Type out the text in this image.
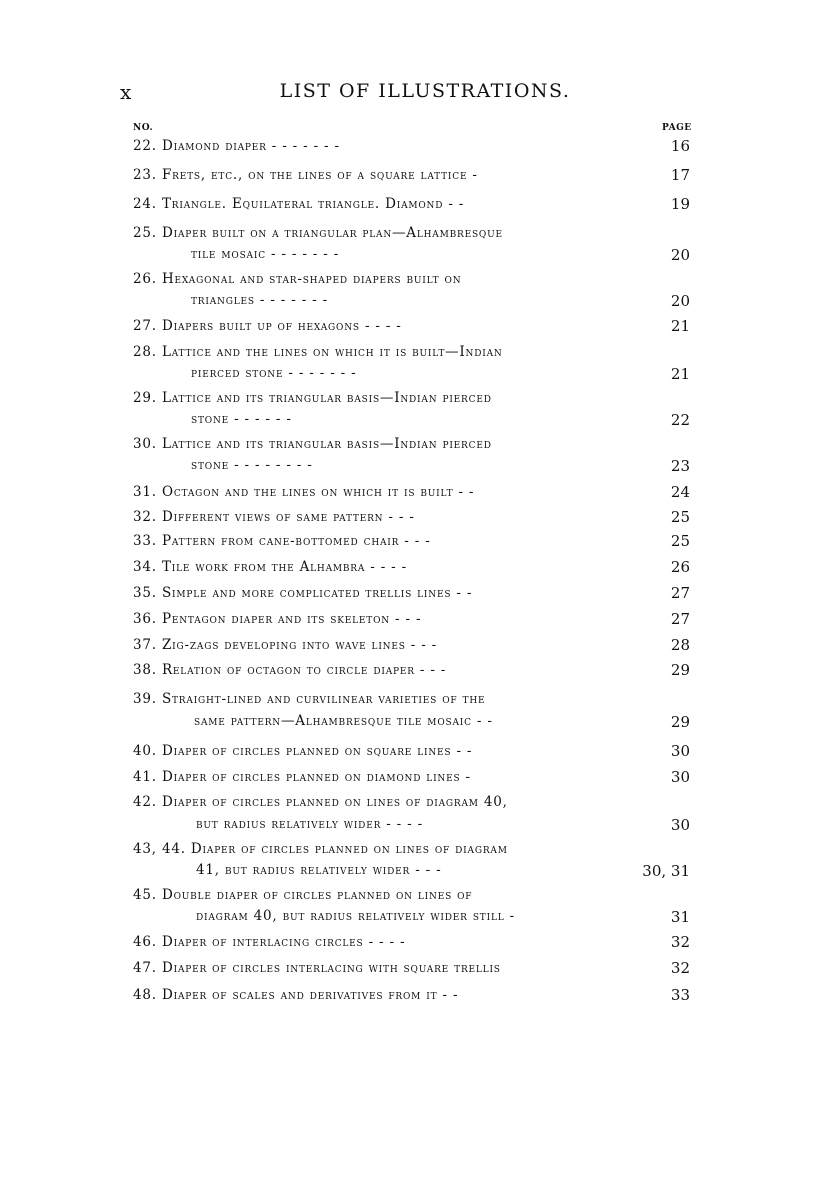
x	LIST OF ILLUSTRATIONS.
NO.	PAGE
22. Diamond diaper - - - - - - -	16
23. Frets, etc., on the lines of a square lattice -	17
24. Triangle. Equilateral triangle. Diamond - -	19
25. Diaper built on a triangular plan—Alhambresque
tile mosaic - - - - - - -	20
26. Hexagonal and star-shaped diapers built on
triangles - - - - - - -	20
27. Diapers built up of hexagons - - - -	21
28. Lattice and the lines on which it is built—Indian
pierced stone - - - - - - -	21
29. Lattice and its triangular basis—Indian pierced
stone - - - - - -	22
30. Lattice and its triangular basis—Indian pierced
stone - - - - - - - -	23
31. Octagon and the lines on which it is built - -	24
32. Different views of same pattern - - -	25
33. Pattern from cane-bottomed chair - - -	25
34. Tile work from the Alhambra - - - -	26
35. Simple and more complicated trellis lines - -	27
36. Pentagon diaper and its skeleton - - -	27
37. Zig-zags developing into wave lines - - -	28
38. Relation of octagon to circle diaper - - -	29
39. Straight-lined and curvilinear varieties of the
same pattern—Alhambresque tile mosaic - -	29
40. Diaper of circles planned on square lines - -	30
41. Diaper of circles planned on diamond lines -	30
42. Diaper of circles planned on lines of diagram 40,
but radius relatively wider - - - -	30
43, 44. Diaper of circles planned on lines of diagram
41, but radius relatively wider - - -	30, 31
45. Double diaper of circles planned on lines of
diagram 40, but radius relatively wider still -	31
46. Diaper of interlacing circles - - - -	32
47. Diaper of circles interlacing with square trellis	32
48. Diaper of scales and derivatives from it - -	33
